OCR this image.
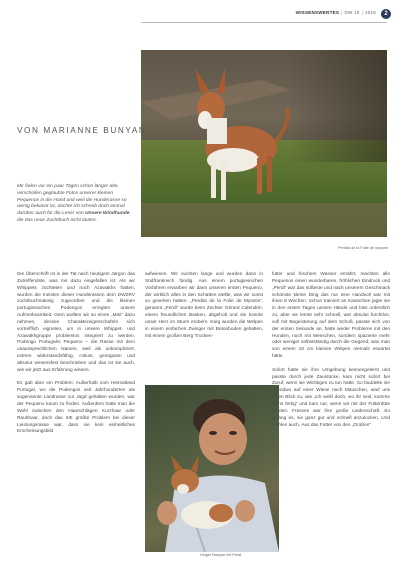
WISSENSWERTES | DW 10 | 2016	2
Perdita de la Folie de mysons
VON MARIANNE BUNYAN
Mir fielen vor ein paar Tagen schon länger alte, verschollen geglaubte Fotos unserer kleinen Pequenos in die Hand und weil die Hunderasse so wenig bekannt ist, dachte ich schreib doch einmal darüber auch für die Leser von Unsere Windhunde, die das neue Zuchtbuch nicht lauten.

Die Überschrift ist in der Tat nach heutigem Jargon das Zutreffendste, was mir dazu eingefallen ist. Als wir Whippets züchteten und noch Azawakhs hatten, wurden die meisten dieser Hunderassen dem DWZRV zuchtbuchmässig zugeordnet und die kleinen portugiesischen Podengos erregten unsere Aufmerksamkeit. Gern wollten wir so einen „Mini“ dazu nehmen, dessen Charaktereigenschaften sich vortrefflich eigneten, um in unsere Whippet- und Azawakhgruppe problemlos integriert zu werden. Podengo Português Pequeno – die Rasse mit dem unaussprechlichen Namen, weil als unkompliziert, extrem widerstandsfähig, robust, genügsam und absolut wesensfest beschrieben und das ist sie auch, wie wir jetzt aus Erfahrung wissen.

Es gab aber ein Problem: Außerhalb vom Heimatland Portugal, wo die Podengos seit Jahrhunderten als sogenannte Landrasse zur Jagd gehalten wurden, war der Pequeno kaum zu finden. Außerdem hatte man die Wahl zwischen den Haarschlägen Kurzhaar oder Rauhhaar, doch das mE größte Problem bei dieser Leistungsrasse war, dass sie kein einheitliches Erscheinungsbild

aufwiesen. Wir suchten lange und wurden dann in Südfrankreich fündig. Aus einem portugiesischen Vorfahren erwarben wir dann unseren ersten Pequeno, der wirklich alles in den Schatten stellte, was wir sonst so gesehen hatten. „Perdita de la Folie de Mysotis“, genannt „Perdi“ wurde beim Züchter Gérard Calendrin, einem freundlichen Basken, abgeholt und sie konnte unser Herz im Sturm erobern. Karg wurden die Welpen in einem einfachen Zwinger mit Betonboden gehalten, mit einem großen Berg Trocken-

Holger Bunyan mit Perdi

futter und frischem Wasser ernährt, machten alle Pequenos einen wunderbaren, fröhlichen Eindruck und „Perdi“ war das süßeste und nach unserem Geschmack schönste kleine Ding das nur eine Handvoll war mit ihren 8 Wochen. Schon trainiert an Kaninchen jagte sie in den ersten Tagen unsere Hände und biss ordentlich zu, aber sie lernte sehr schnell, war absolut furchtlos, voll mit Begeisterung auf dem Schoß, passte sich von der ersten Sekunde an, hatte weder Probleme mit den Hunden, noch mit Menschen, sondern spazierte mehr oder weniger selbstständig durch die Gegend; was man von einem 18 cm kleinen Welpen niemals erwartet hätte.

Sofort hatte sie ihre Umgebung kennengelernt und passte durch jede Zaunlücke, kam nicht sofort bei Zuruf, wenn sie Wichtiges zu tun hatte. So buddelte sie irgendwo auf einer Wiese nach Mäuschen, warf uns einen Blick zu, wie „ich weiß doch, wo ihr seid, komme wenn fertig“ und kam nur, wenn wir mit der Futterdüte lockten. Fressen war ihre große Leidenschaft. So gelang es, sie ganz gut und schnell anzulocken. Und stehlen auch. Aus das Futter von den „Großen“
